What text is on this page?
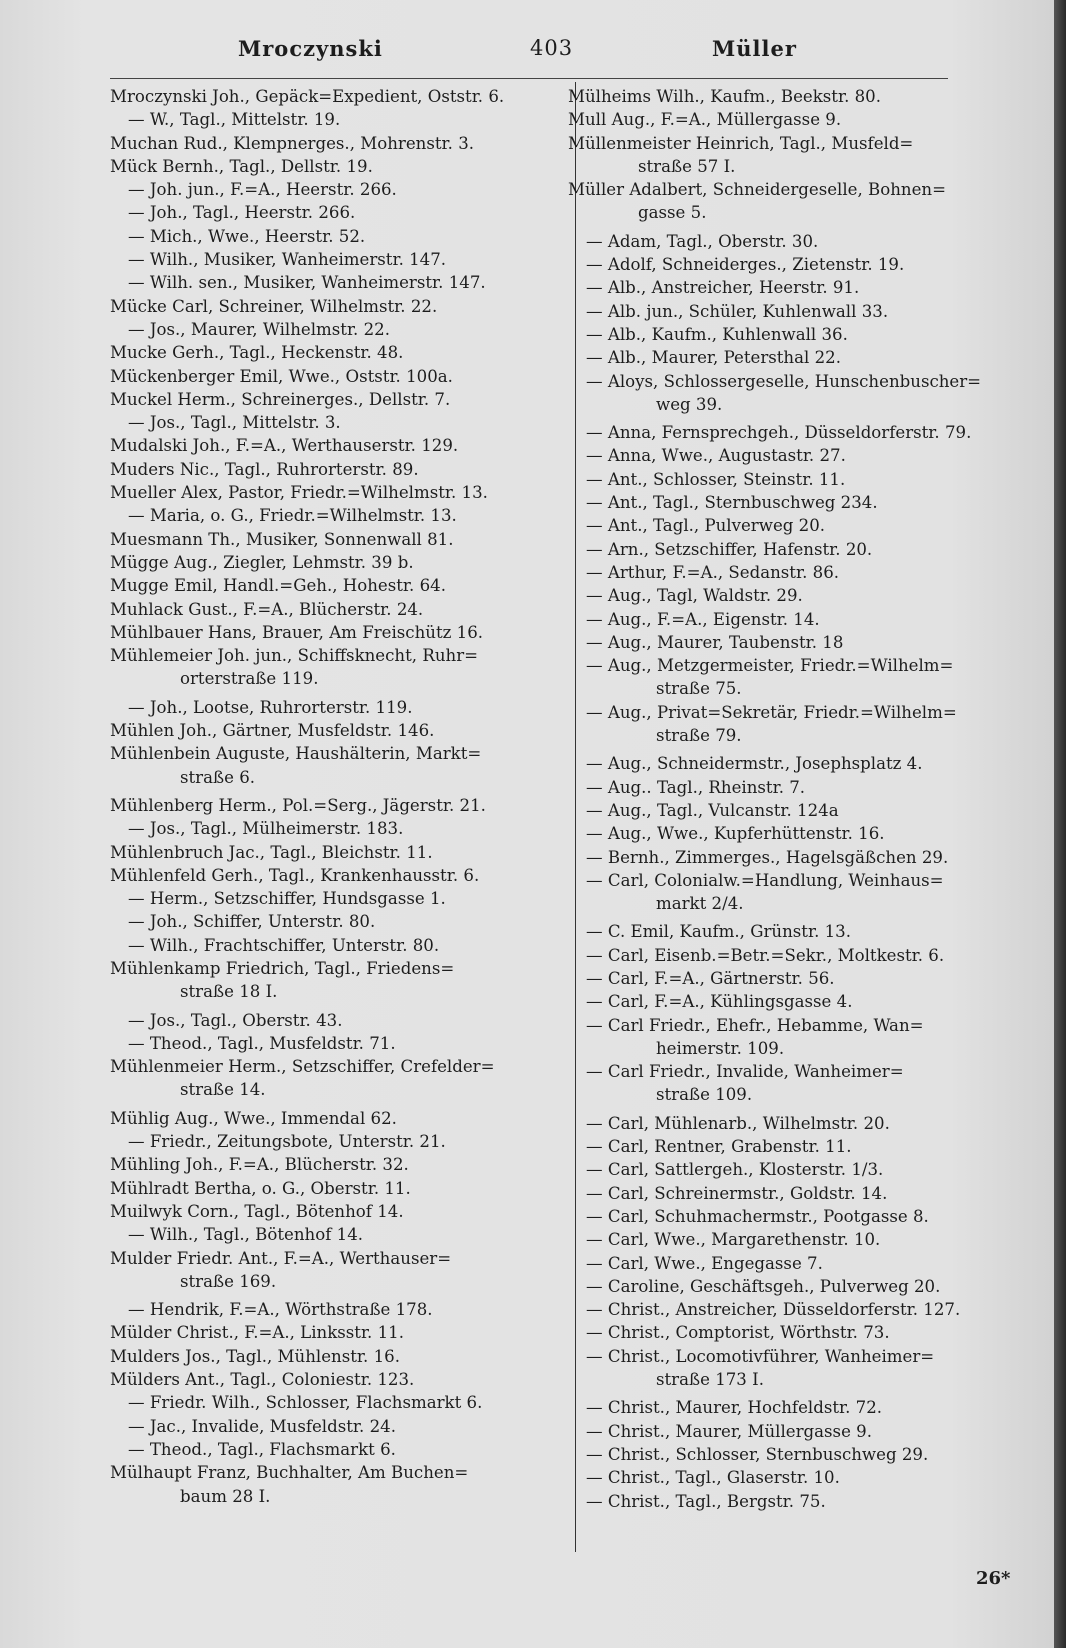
Mroczynski	403	Müller
Mroczynski Joh., Gepäck=Expedient, Oststr. 6.
— W., Tagl., Mittelstr. 19.
Muchan Rud., Klempnerges., Mohrenstr. 3.
Mück Bernh., Tagl., Dellstr. 19.
— Joh. jun., F.=A., Heerstr. 266.
— Joh., Tagl., Heerstr. 266.
— Mich., Wwe., Heerstr. 52.
— Wilh., Musiker, Wanheimerstr. 147.
— Wilh. sen., Musiker, Wanheimerstr. 147.
Mücke Carl, Schreiner, Wilhelmstr. 22.
— Jos., Maurer, Wilhelmstr. 22.
Mucke Gerh., Tagl., Heckenstr. 48.
Mückenberger Emil, Wwe., Oststr. 100a.
Muckel Herm., Schreinerges., Dellstr. 7.
— Jos., Tagl., Mittelstr. 3.
Mudalski Joh., F.=A., Werthauserstr. 129.
Muders Nic., Tagl., Ruhrorterstr. 89.
Mueller Alex, Pastor, Friedr.=Wilhelmstr. 13.
— Maria, o. G., Friedr.=Wilhelmstr. 13.
Muesmann Th., Musiker, Sonnenwall 81.
Mügge Aug., Ziegler, Lehmstr. 39 b.
Mugge Emil, Handl.=Geh., Hohestr. 64.
Muhlack Gust., F.=A., Blücherstr. 24.
Mühlbauer Hans, Brauer, Am Freischütz 16.
Mühlemeier Joh. jun., Schiffsknecht, Ruhr=
orterstraße 119.
— Joh., Lootse, Ruhrorterstr. 119.
Mühlen Joh., Gärtner, Musfeldstr. 146.
Mühlenbein Auguste, Haushälterin, Markt=
straße 6.
Mühlenberg Herm., Pol.=Serg., Jägerstr. 21.
— Jos., Tagl., Mülheimerstr. 183.
Mühlenbruch Jac., Tagl., Bleichstr. 11.
Mühlenfeld Gerh., Tagl., Krankenhausstr. 6.
— Herm., Setzschiffer, Hundsgasse 1.
— Joh., Schiffer, Unterstr. 80.
— Wilh., Frachtschiffer, Unterstr. 80.
Mühlenkamp Friedrich, Tagl., Friedens=
straße 18 I.
— Jos., Tagl., Oberstr. 43.
— Theod., Tagl., Musfeldstr. 71.
Mühlenmeier Herm., Setzschiffer, Crefelder=
straße 14.
Mühlig Aug., Wwe., Immendal 62.
— Friedr., Zeitungsbote, Unterstr. 21.
Mühling Joh., F.=A., Blücherstr. 32.
Mühlradt Bertha, o. G., Oberstr. 11.
Muilwyk Corn., Tagl., Bötenhof 14.
— Wilh., Tagl., Bötenhof 14.
Mulder Friedr. Ant., F.=A., Werthauser=
straße 169.
— Hendrik, F.=A., Wörthstraße 178.
Mülder Christ., F.=A., Linksstr. 11.
Mulders Jos., Tagl., Mühlenstr. 16.
Mülders Ant., Tagl., Coloniestr. 123.
— Friedr. Wilh., Schlosser, Flachsmarkt 6.
— Jac., Invalide, Musfeldstr. 24.
— Theod., Tagl., Flachsmarkt 6.
Mülhaupt Franz, Buchhalter, Am Buchen=
baum 28 I.
Mülheims Wilh., Kaufm., Beekstr. 80.
Mull Aug., F.=A., Müllergasse 9.
Müllenmeister Heinrich, Tagl., Musfeld=
straße 57 I.
Müller Adalbert, Schneidergeselle, Bohnen=
gasse 5.
— Adam, Tagl., Oberstr. 30.
— Adolf, Schneiderges., Zietenstr. 19.
— Alb., Anstreicher, Heerstr. 91.
— Alb. jun., Schüler, Kuhlenwall 33.
— Alb., Kaufm., Kuhlenwall 36.
— Alb., Maurer, Petersthal 22.
— Aloys, Schlossergeselle, Hunschenbuscher=
weg 39.
— Anna, Fernsprechgeh., Düsseldorferstr. 79.
— Anna, Wwe., Augustastr. 27.
— Ant., Schlosser, Steinstr. 11.
— Ant., Tagl., Sternbuschweg 234.
— Ant., Tagl., Pulverweg 20.
— Arn., Setzschiffer, Hafenstr. 20.
— Arthur, F.=A., Sedanstr. 86.
— Aug., Tagl, Waldstr. 29.
— Aug., F.=A., Eigenstr. 14.
— Aug., Maurer, Taubenstr. 18
— Aug., Metzgermeister, Friedr.=Wilhelm=
straße 75.
— Aug., Privat=Sekretär, Friedr.=Wilhelm=
straße 79.
— Aug., Schneidermstr., Josephsplatz 4.
— Aug.. Tagl., Rheinstr. 7.
— Aug., Tagl., Vulcanstr. 124a
— Aug., Wwe., Kupferhüttenstr. 16.
— Bernh., Zimmerges., Hagelsgäßchen 29.
— Carl, Colonialw.=Handlung, Weinhaus=
markt 2/4.
— C. Emil, Kaufm., Grünstr. 13.
— Carl, Eisenb.=Betr.=Sekr., Moltkestr. 6.
— Carl, F.=A., Gärtnerstr. 56.
— Carl, F.=A., Kühlingsgasse 4.
— Carl Friedr., Ehefr., Hebamme, Wan=
heimerstr. 109.
— Carl Friedr., Invalide, Wanheimer=
straße 109.
— Carl, Mühlenarb., Wilhelmstr. 20.
— Carl, Rentner, Grabenstr. 11.
— Carl, Sattlergeh., Klosterstr. 1/3.
— Carl, Schreinermstr., Goldstr. 14.
— Carl, Schuhmachermstr., Pootgasse 8.
— Carl, Wwe., Margarethenstr. 10.
— Carl, Wwe., Engegasse 7.
— Caroline, Geschäftsgeh., Pulverweg 20.
— Christ., Anstreicher, Düsseldorferstr. 127.
— Christ., Comptorist, Wörthstr. 73.
— Christ., Locomotivführer, Wanheimer=
straße 173 I.
— Christ., Maurer, Hochfeldstr. 72.
— Christ., Maurer, Müllergasse 9.
— Christ., Schlosser, Sternbuschweg 29.
— Christ., Tagl., Glaserstr. 10.
— Christ., Tagl., Bergstr. 75.
26*
